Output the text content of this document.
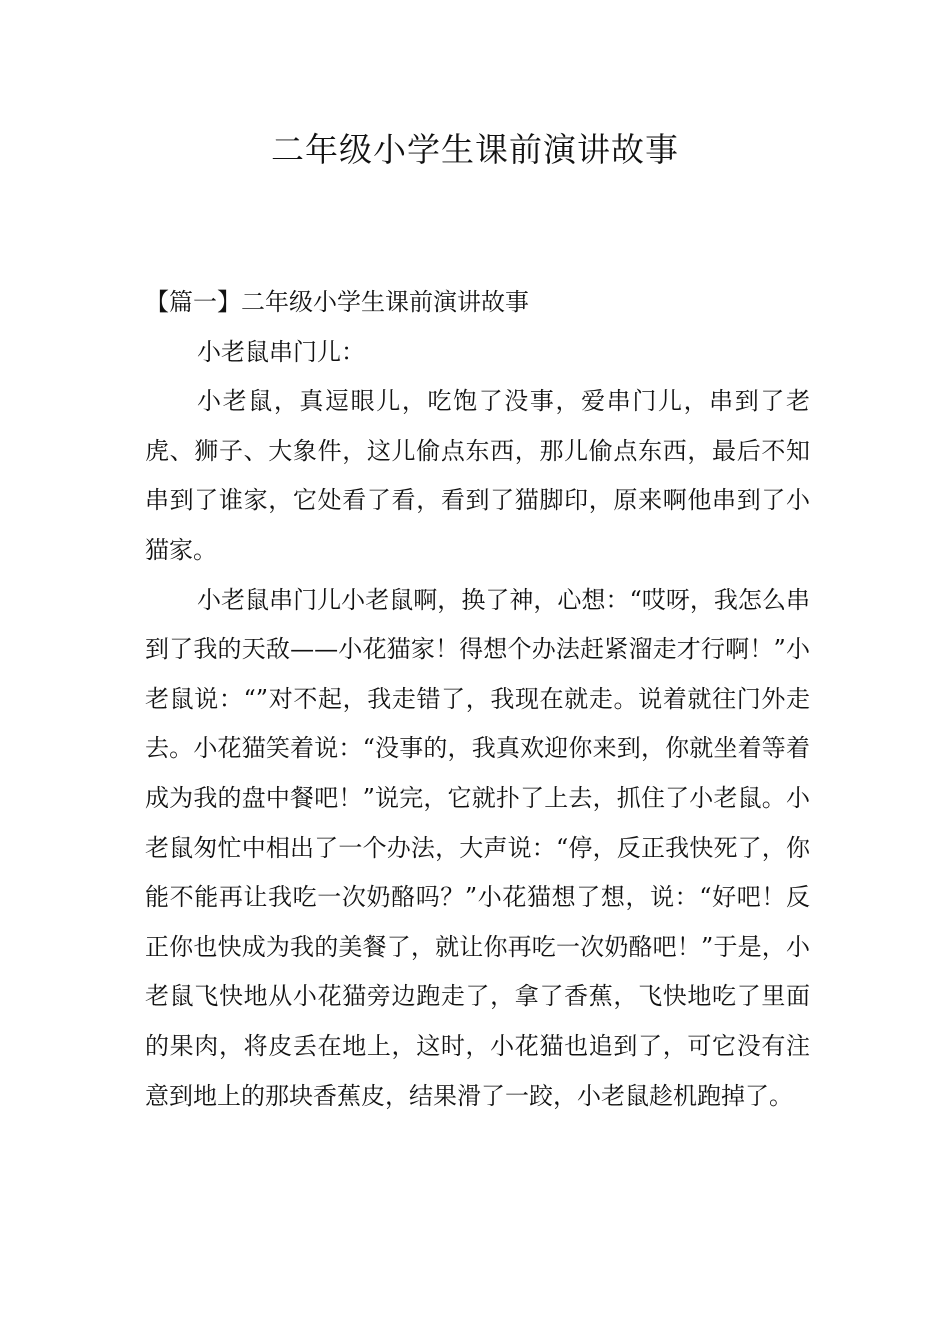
二年级小学生课前演讲故事

【篇一】二年级小学生课前演讲故事

小老鼠串门儿：

小老鼠，真逗眼儿，吃饱了没事，爱串门儿，串到了老虎、狮子、大象件，这儿偷点东西，那儿偷点东西，最后不知串到了谁家，它处看了看，看到了猫脚印，原来啊他串到了小猫家。

小老鼠串门儿小老鼠啊，换了神，心想：“哎呀，我怎么串到了我的天敌——小花猫家！得想个办法赶紧溜走才行啊！”小老鼠说：“”对不起，我走错了，我现在就走。说着就往门外走去。小花猫笑着说：“没事的，我真欢迎你来到，你就坐着等着成为我的盘中餐吧！”说完，它就扑了上去，抓住了小老鼠。小老鼠匆忙中相出了一个办法，大声说：“停，反正我快死了，你能不能再让我吃一次奶酪吗？”小花猫想了想，说：“好吧！反正你也快成为我的美餐了，就让你再吃一次奶酪吧！”于是，小老鼠飞快地从小花猫旁边跑走了，拿了香蕉，飞快地吃了里面的果肉，将皮丢在地上，这时，小花猫也追到了，可它没有注意到地上的那块香蕉皮，结果滑了一跤，小老鼠趁机跑掉了。
